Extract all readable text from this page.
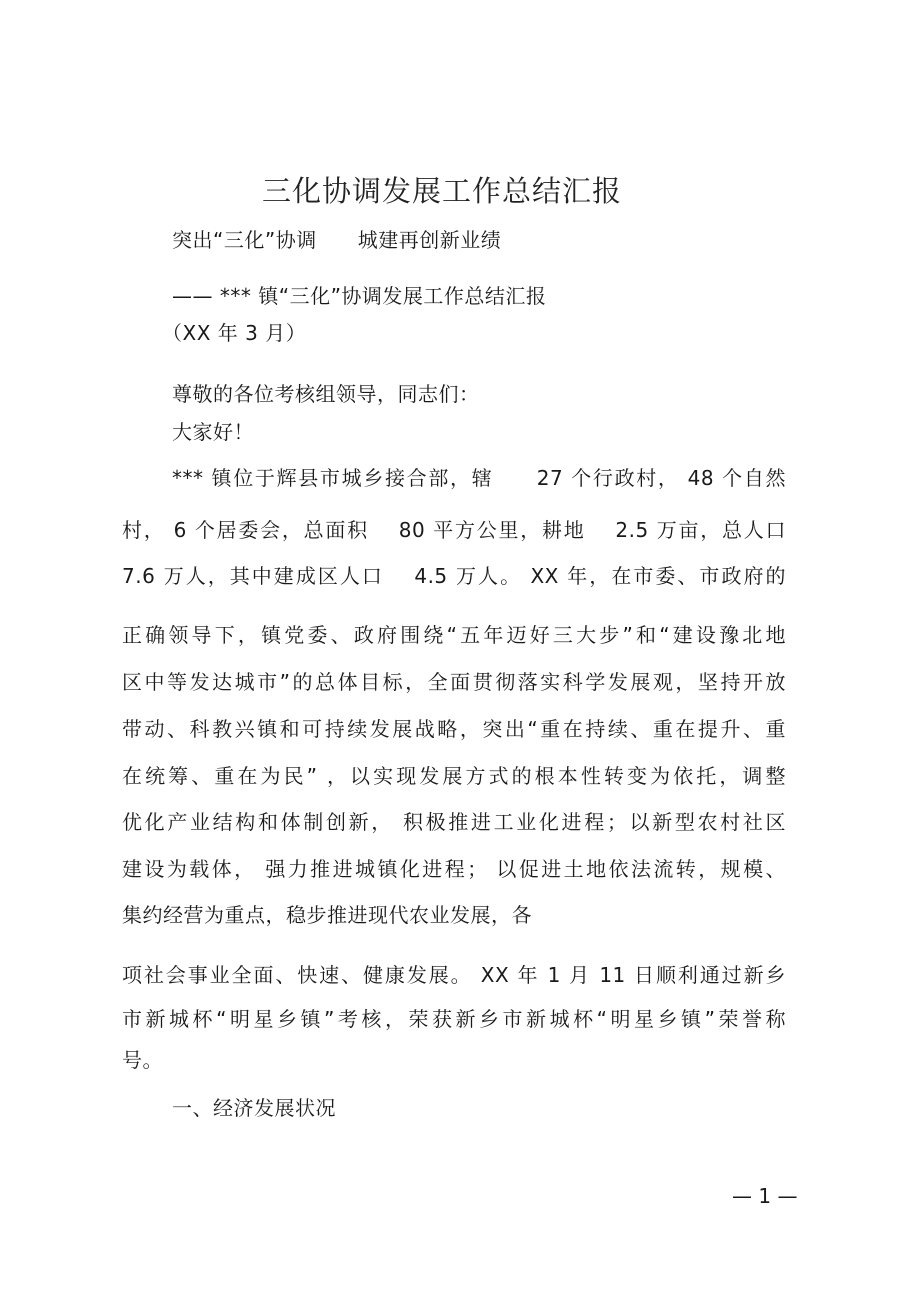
三化协调发展工作总结汇报
突出“三化”协调　　城建再创新业绩
—— *** 镇“三化”协调发展工作总结汇报
（XX 年 3 月）
尊敬的各位考核组领导，同志们：
大家好！
*** 镇位于辉县市城乡接合部，辖　　27 个行政村， 48 个自然
村， 6 个居委会，总面积　 80 平方公里，耕地　 2.5 万亩，总人口
7.6 万人，其中建成区人口　 4.5 万人。 XX 年，在市委、市政府的
正确领导下，镇党委、政府围绕“五年迈好三大步”和“建设豫北地
区中等发达城市”的总体目标，全面贯彻落实科学发展观，坚持开放
带动、科教兴镇和可持续发展战略，突出“重在持续、重在提升、重
在统筹、重在为民” ，以实现发展方式的根本性转变为依托，调整
优化产业结构和体制创新， 积极推进工业化进程；以新型农村社区
建设为载体， 强力推进城镇化进程； 以促进土地依法流转，规模、
集约经营为重点，稳步推进现代农业发展，各
项社会事业全面、快速、健康发展。 XX 年 1 月 11 日顺利通过新乡
市新城杯“明星乡镇”考核，荣获新乡市新城杯“明星乡镇”荣誉称
号。
一、经济发展状况
— 1 —
